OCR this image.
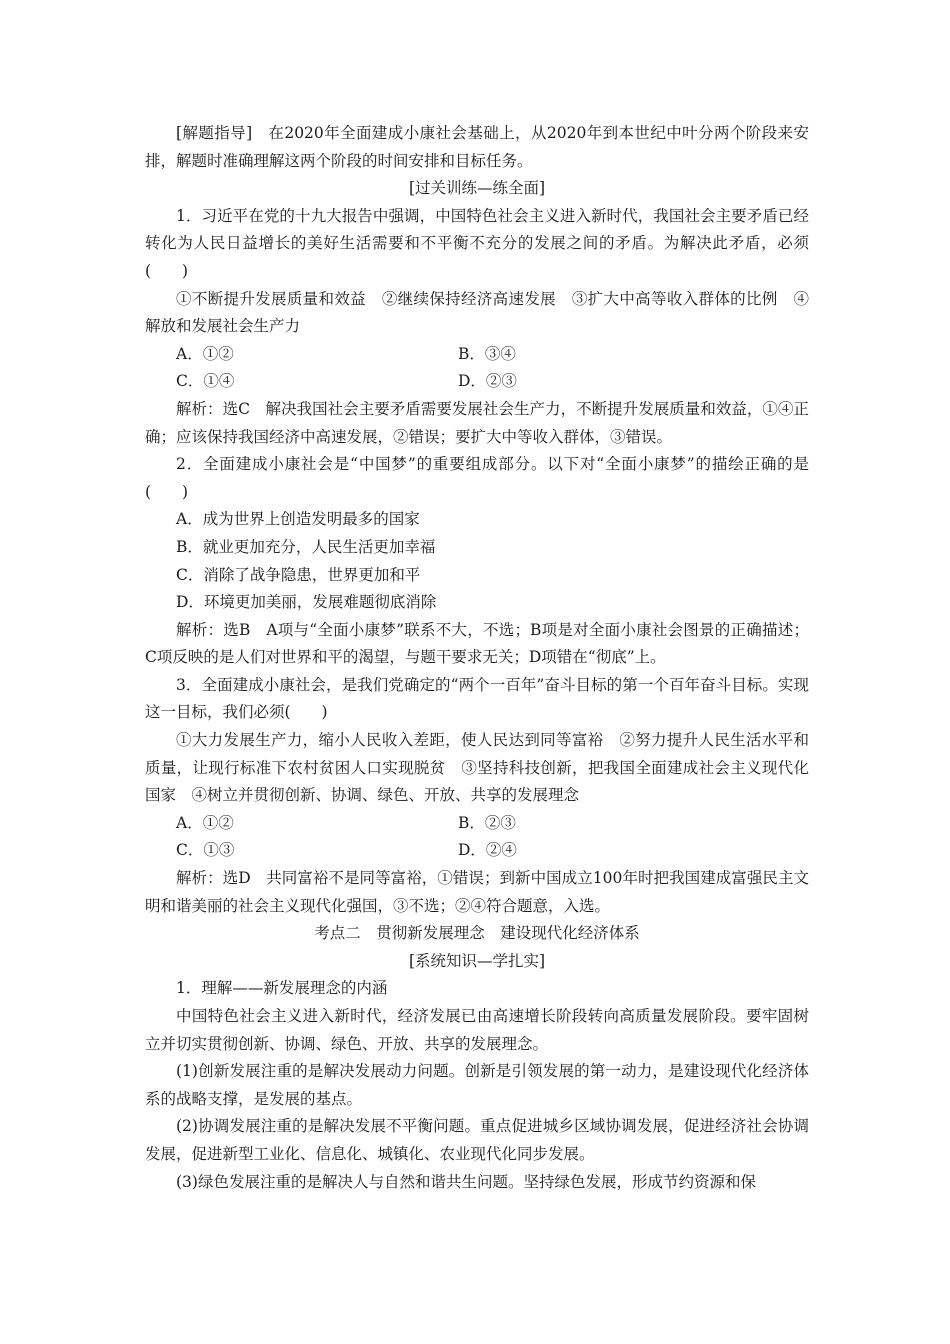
[解题指导]　在2020年全面建成小康社会基础上，从2020年到本世纪中叶分两个阶段来安排，解题时准确理解这两个阶段的时间安排和目标任务。

[过关训练—练全面]

1．习近平在党的十九大报告中强调，中国特色社会主义进入新时代，我国社会主要矛盾已经转化为人民日益增长的美好生活需要和不平衡不充分的发展之间的矛盾。为解决此矛盾，必须(　　)

①不断提升发展质量和效益　②继续保持经济高速发展　③扩大中高等收入群体的比例　④解放和发展社会生产力

A．①②	B．③④
C．①④	D．②③

解析：选C　解决我国社会主要矛盾需要发展社会生产力，不断提升发展质量和效益，①④正确；应该保持我国经济中高速发展，②错误；要扩大中等收入群体，③错误。

2．全面建成小康社会是“中国梦”的重要组成部分。以下对“全面小康梦”的描绘正确的是(　　)

A．成为世界上创造发明最多的国家
B．就业更加充分，人民生活更加幸福
C．消除了战争隐患，世界更加和平
D．环境更加美丽，发展难题彻底消除

解析：选B　A项与“全面小康梦”联系不大，不选；B项是对全面小康社会图景的正确描述；C项反映的是人们对世界和平的渴望，与题干要求无关；D项错在“彻底”上。

3．全面建成小康社会，是我们党确定的“两个一百年”奋斗目标的第一个百年奋斗目标。实现这一目标，我们必须(　　)

①大力发展生产力，缩小人民收入差距，使人民达到同等富裕　②努力提升人民生活水平和质量，让现行标准下农村贫困人口实现脱贫　③坚持科技创新，把我国全面建成社会主义现代化国家　④树立并贯彻创新、协调、绿色、开放、共享的发展理念

A．①②	B．②③
C．①③	D．②④

解析：选D　共同富裕不是同等富裕，①错误；到新中国成立100年时把我国建成富强民主文明和谐美丽的社会主义现代化强国，③不选；②④符合题意，入选。

考点二　贯彻新发展理念　建设现代化经济体系

[系统知识—学扎实]

1．理解——新发展理念的内涵

中国特色社会主义进入新时代，经济发展已由高速增长阶段转向高质量发展阶段。要牢固树立并切实贯彻创新、协调、绿色、开放、共享的发展理念。

(1)创新发展注重的是解决发展动力问题。创新是引领发展的第一动力，是建设现代化经济体系的战略支撑，是发展的基点。

(2)协调发展注重的是解决发展不平衡问题。重点促进城乡区域协调发展，促进经济社会协调发展，促进新型工业化、信息化、城镇化、农业现代化同步发展。

(3)绿色发展注重的是解决人与自然和谐共生问题。坚持绿色发展，形成节约资源和保
